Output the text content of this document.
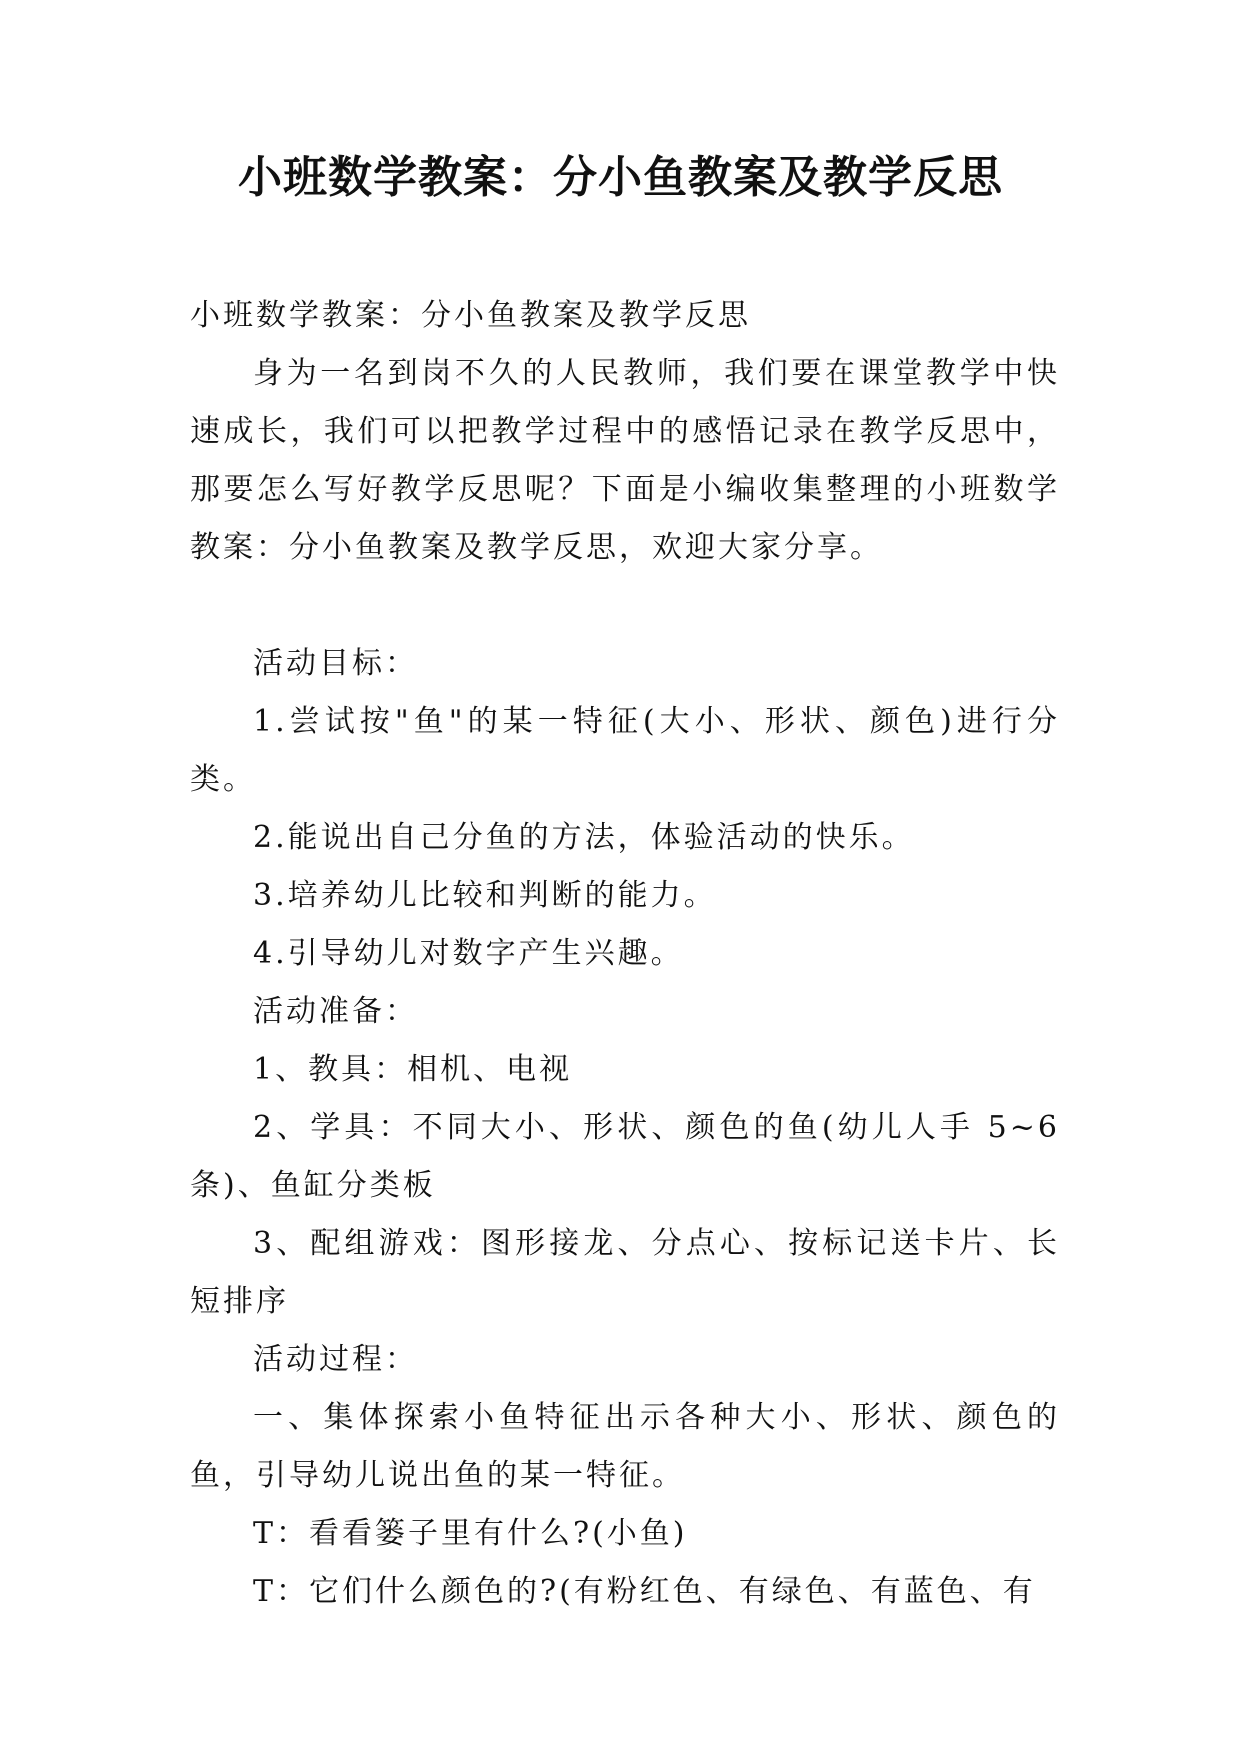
小班数学教案：分小鱼教案及教学反思

小班数学教案：分小鱼教案及教学反思

身为一名到岗不久的人民教师，我们要在课堂教学中快速成长，我们可以把教学过程中的感悟记录在教学反思中，那要怎么写好教学反思呢？下面是小编收集整理的小班数学教案：分小鱼教案及教学反思，欢迎大家分享。

活动目标：

1.尝试按"鱼"的某一特征(大小、形状、颜色)进行分类。

2.能说出自己分鱼的方法，体验活动的快乐。

3.培养幼儿比较和判断的能力。

4.引导幼儿对数字产生兴趣。

活动准备：

1、教具：相机、电视

2、学具：不同大小、形状、颜色的鱼(幼儿人手 5~6条)、鱼缸分类板

3、配组游戏：图形接龙、分点心、按标记送卡片、长短排序

活动过程：

一、集体探索小鱼特征出示各种大小、形状、颜色的鱼，引导幼儿说出鱼的某一特征。

T：看看篓子里有什么?(小鱼)

T：它们什么颜色的?(有粉红色、有绿色、有蓝色、有
